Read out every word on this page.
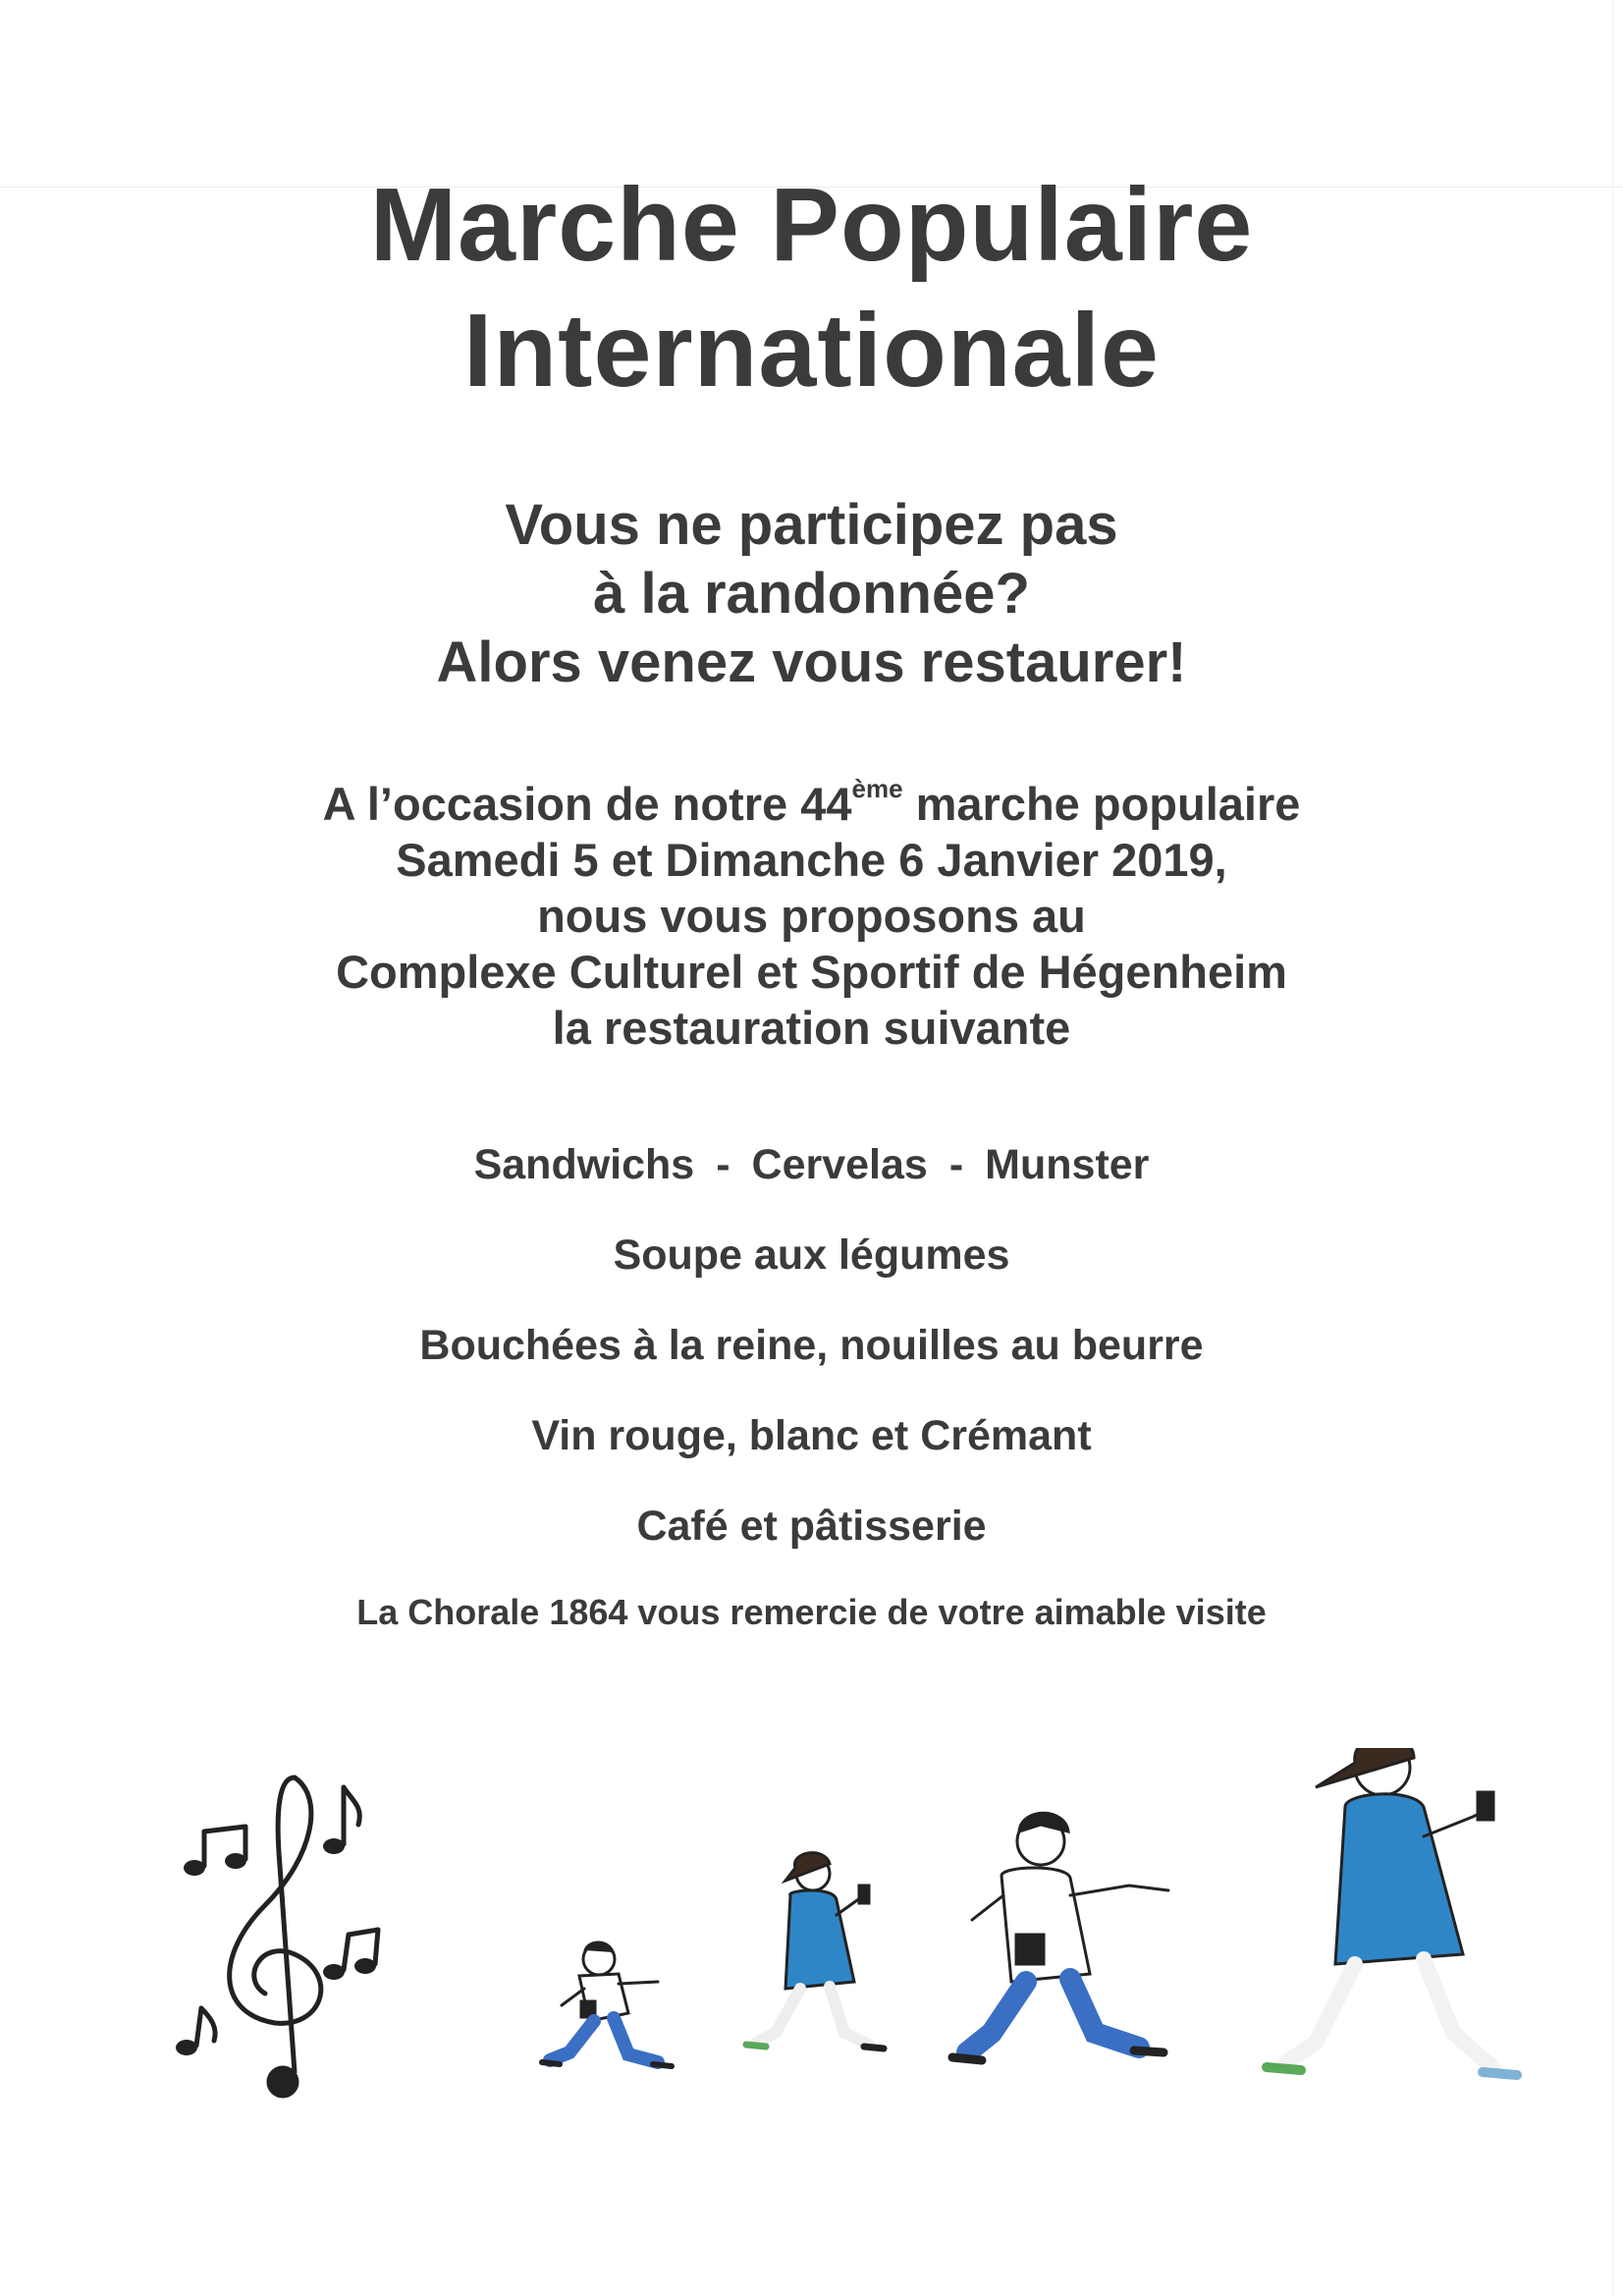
Marche Populaire
Internationale
Vous ne participez pas
à la randonnée?
Alors venez vous restaurer!
A l’occasion de notre 44ème marche populaire
Samedi 5 et Dimanche 6 Janvier 2019,
nous vous proposons au
Complexe Culturel et Sportif de Hégenheim
la restauration suivante
Sandwichs - Cervelas - Munster
Soupe aux légumes
Bouchées à la reine, nouilles au beurre
Vin rouge, blanc et Crémant
Café et pâtisserie
La Chorale 1864 vous remercie de votre aimable visite
